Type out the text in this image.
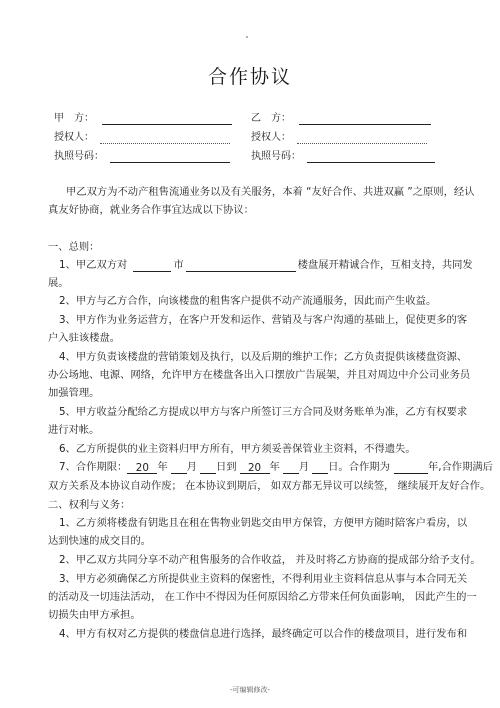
合作协议
甲　方：	乙　方：
授权人：	授权人：
执照号码：	执照号码：
甲乙双方为不动产租售流通业务以及有关服务，本着 “友好合作、共进双赢 ”之原则，经认
真友好协商，就业务合作事宜达成以下协议：
一、总则：
1、甲乙双方对	市	楼盘展开精诚合作，互相支持，共同发
展。
2、甲方与乙方合作，向该楼盘的租售客户提供不动产流通服务，因此而产生收益。
3、甲方作为业务运营方，在客户开发和运作、营销及与客户沟通的基础上，促使更多的客
户入驻该楼盘。
4、甲方负责该楼盘的营销策划及执行，以及后期的维护工作；乙方负责提供该楼盘资源、
办公场地、电源、网络，允许甲方在楼盘各出入口摆放广告展架，并且对周边中介公司业务员
加强管理。
5、甲方收益分配给乙方提成以甲方与客户所签订三方合同及财务账单为准，乙方有权要求
进行对帐。
6、乙方所提供的业主资料归甲方所有，甲方须妥善保管业主资料，不得遗失。
7、合作期限： 20 年 月 日到 20 年 月 日。合作期为	年,合作期满后
双方关系及本协议自动作废； 在本协议到期后， 如双方都无异议可以续签， 继续展开友好合作。
二、权利与义务：
1、乙方须将楼盘有钥匙且在租在售物业钥匙交由甲方保管，方便甲方随时陪客户看房，以
达到快速的成交目的。
2、甲乙双方共同分享不动产租售服务的合作收益， 并及时将乙方协商的提成部分给予支付。
3、甲方必须确保乙方所提供业主资料的保密性，不得利用业主资料信息从事与本合同无关
的活动及一切违法活动， 在工作中不得因为任何原因给乙方带来任何负面影响， 因此产生的一
切损失由甲方承担。
4、甲方有权对乙方提供的楼盘信息进行选择，最终确定可以合作的楼盘项目，进行发布和
-可编辑修改-
